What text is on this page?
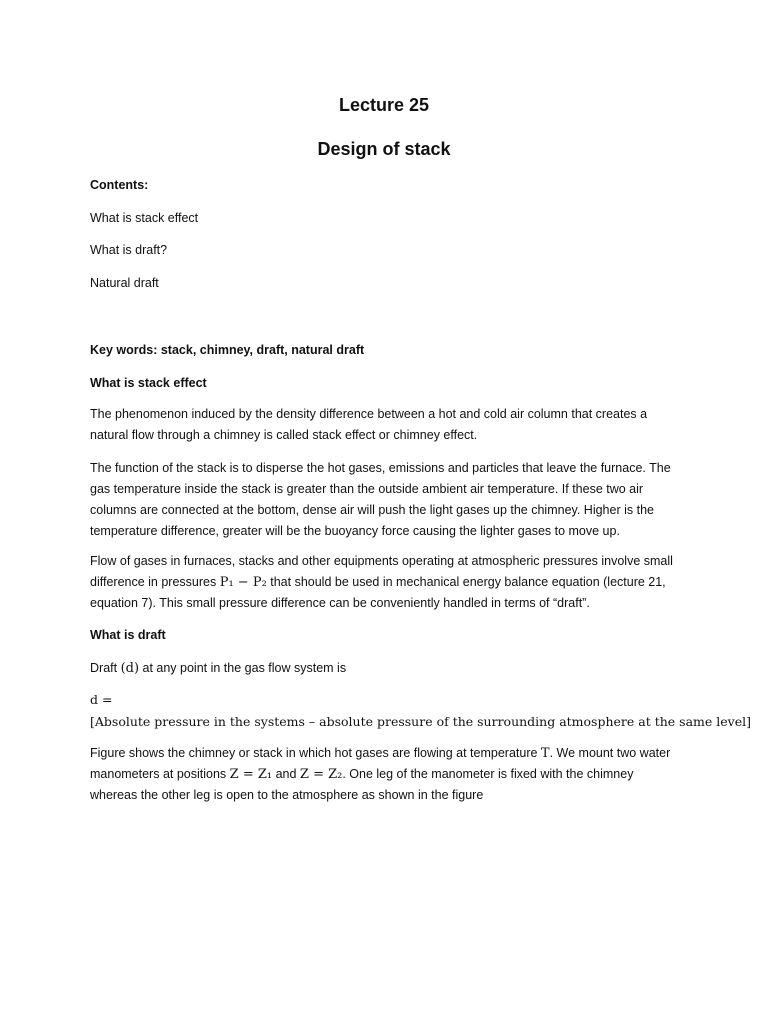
Lecture 25
Design of stack

Contents:

What is stack effect

What is draft?

Natural draft

Key words: stack, chimney, draft, natural draft

What is stack effect

The phenomenon induced by the density difference between a hot and cold air column that creates a natural flow through a chimney is called stack effect or chimney effect.

The function of the stack is to disperse the hot gases, emissions and particles that leave the furnace. The gas temperature inside the stack is greater than the outside ambient air temperature. If these two air columns are connected at the bottom, dense air will push the light gases up the chimney. Higher is the temperature difference, greater will be the buoyancy force causing the lighter gases to move up.

Flow of gases in furnaces, stacks and other equipments operating at atmospheric pressures involve small difference in pressures P₁ − P₂ that should be used in mechanical energy balance equation (lecture 21, equation 7). This small pressure difference can be conveniently handled in terms of “draft”.

What is draft

Draft (d) at any point in the gas flow system is

d =

[Absolute pressure in the systems – absolute pressure of the surrounding atmosphere at the same level]

Figure shows the chimney or stack in which hot gases are flowing at temperature T. We mount two water manometers at positions Z = Z₁ and Z = Z₂. One leg of the manometer is fixed with the chimney whereas the other leg is open to the atmosphere as shown in the figure
